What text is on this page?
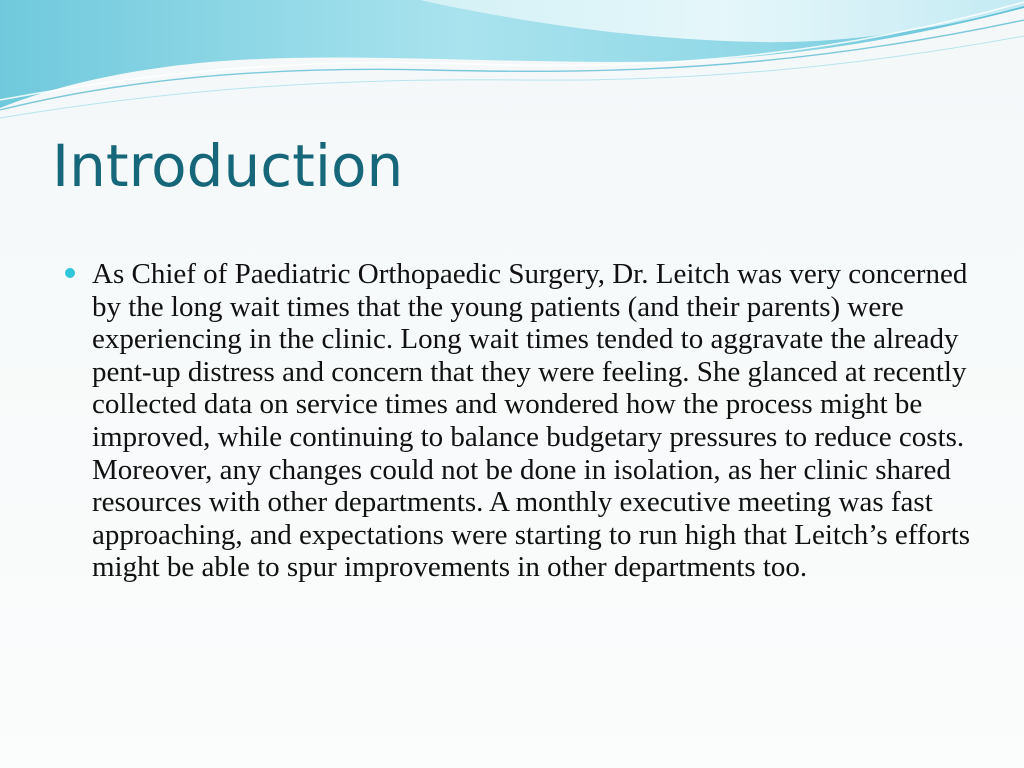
Introduction

As Chief of Paediatric Orthopaedic Surgery, Dr. Leitch was very concerned by the long wait times that the young patients (and their parents) were experiencing in the clinic. Long wait times tended to aggravate the already pent-up distress and concern that they were feeling. She glanced at recently collected data on service times and wondered how the process might be improved, while continuing to balance budgetary pressures to reduce costs. Moreover, any changes could not be done in isolation, as her clinic shared resources with other departments. A monthly executive meeting was fast approaching, and expectations were starting to run high that Leitch’s efforts might be able to spur improvements in other departments too.
